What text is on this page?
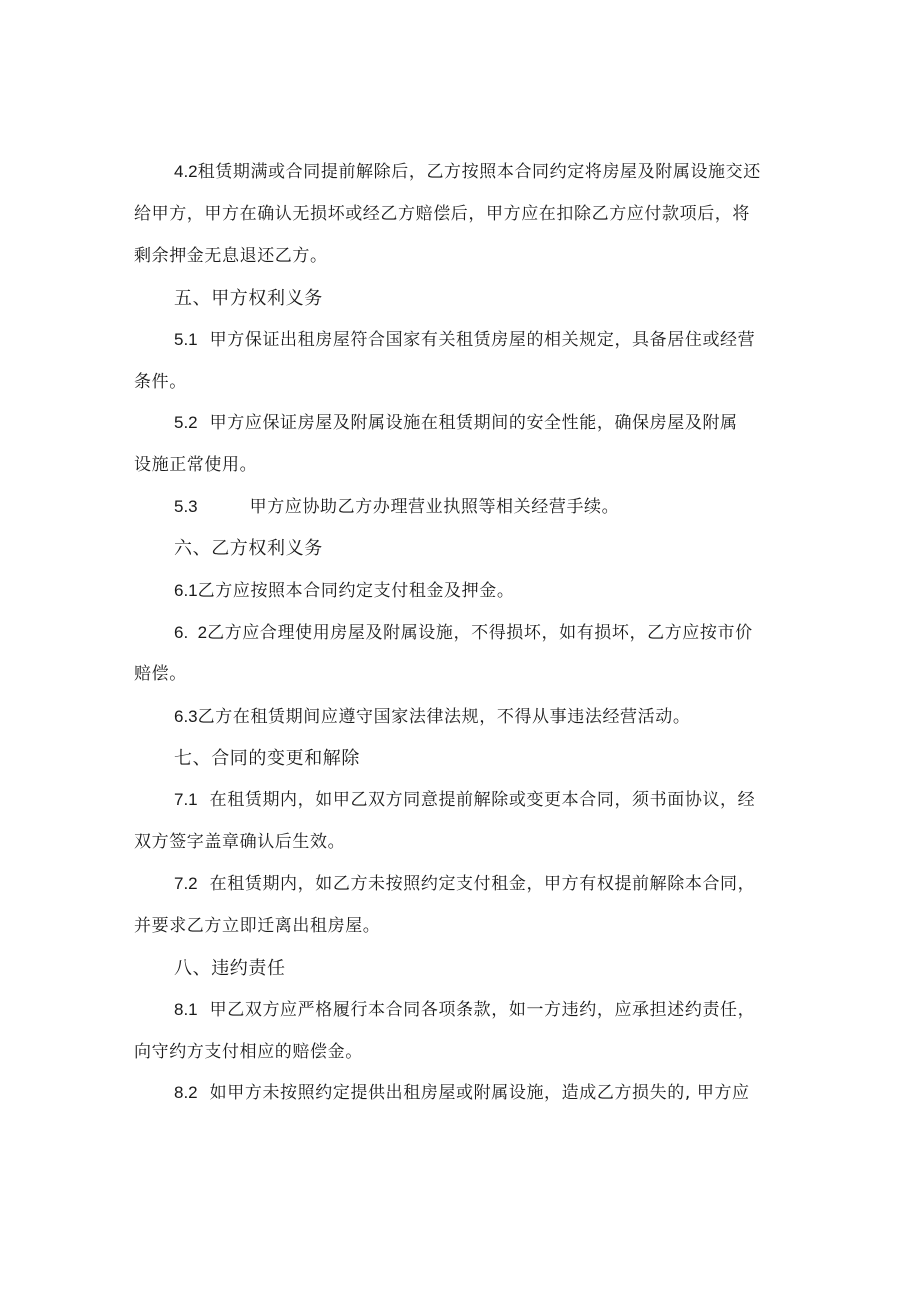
4.2租赁期满或合同提前解除后，乙方按照本合同约定将房屋及附属设施交还
给甲方，甲方在确认无损坏或经乙方赔偿后，甲方应在扣除乙方应付款项后，将
剩余押金无息退还乙方。
五、甲方权利义务
5.1 甲方保证出租房屋符合国家有关租赁房屋的相关规定，具备居住或经营
条件。
5.2 甲方应保证房屋及附属设施在租赁期间的安全性能，确保房屋及附属
设施正常使用。
5.3	甲方应协助乙方办理营业执照等相关经营手续。
六、乙方权利义务
6.1乙方应按照本合同约定支付租金及押金。
6.  2乙方应合理使用房屋及附属设施，不得损坏，如有损坏，乙方应按市价
赔偿。
6.3乙方在租赁期间应遵守国家法律法规，不得从事违法经营活动。
七、合同的变更和解除
7.1 在租赁期内，如甲乙双方同意提前解除或变更本合同，须书面协议，经
双方签字盖章确认后生效。
7.2 在租赁期内，如乙方未按照约定支付租金，甲方有权提前解除本合同，
并要求乙方立即迁离出租房屋。
八、违约责任
8.1 甲乙双方应严格履行本合同各项条款，如一方违约，应承担述约责任，
向守约方支付相应的赔偿金。
8.2 如甲方未按照约定提供出租房屋或附属设施，造成乙方损失的, 甲方应
